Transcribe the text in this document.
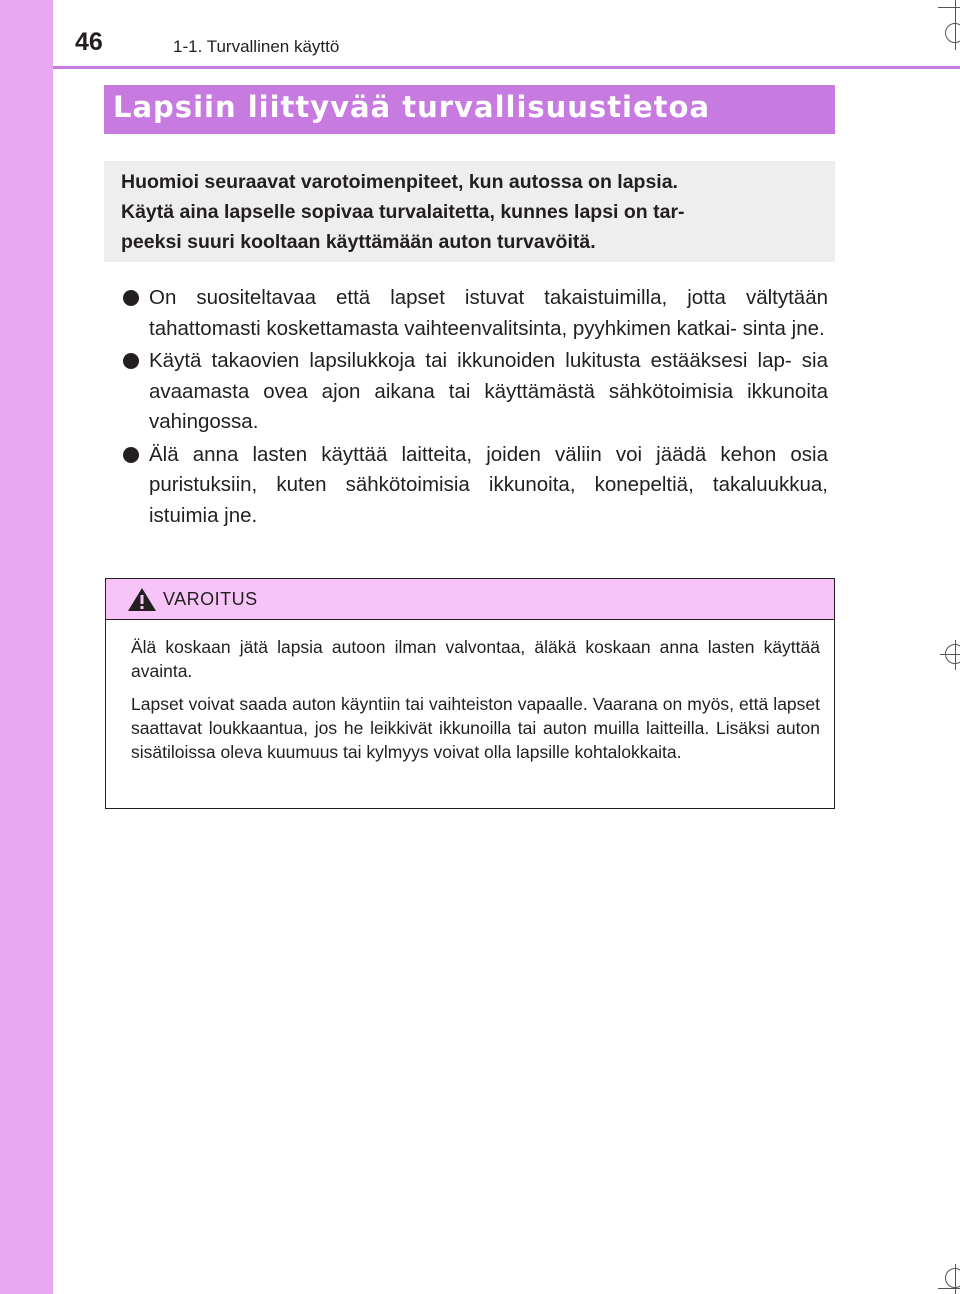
46	1-1. Turvallinen käyttö
Lapsiin liittyvää turvallisuustietoa

Huomioi seuraavat varotoimenpiteet, kun autossa on lapsia.

Käytä aina lapselle sopivaa turvalaitetta, kunnes lapsi on tar-

peeksi suuri kooltaan käyttämään auton turvavöitä.

On suositeltavaa että lapset istuvat takaistuimilla, jotta vältytään tahattomasti koskettamasta vaihteenvalitsinta, pyyhkimen katkai- sinta jne.
Käytä takaovien lapsilukkoja tai ikkunoiden lukitusta estääksesi lap- sia avaamasta ovea ajon aikana tai käyttämästä sähkötoimisia ikkunoita vahingossa.
Älä anna lasten käyttää laitteita, joiden väliin voi jäädä kehon osia puristuksiin, kuten sähkötoimisia ikkunoita, konepeltiä, takaluukkua, istuimia jne.
VAROITUS

Älä koskaan jätä lapsia autoon ilman valvontaa, äläkä koskaan anna lasten käyttää avainta.

Lapset voivat saada auton käyntiin tai vaihteiston vapaalle. Vaarana on myös, että lapset saattavat loukkaantua, jos he leikkivät ikkunoilla tai auton muilla laitteilla. Lisäksi auton sisätiloissa oleva kuumuus tai kylmyys voivat olla lapsille kohtalokkaita.
